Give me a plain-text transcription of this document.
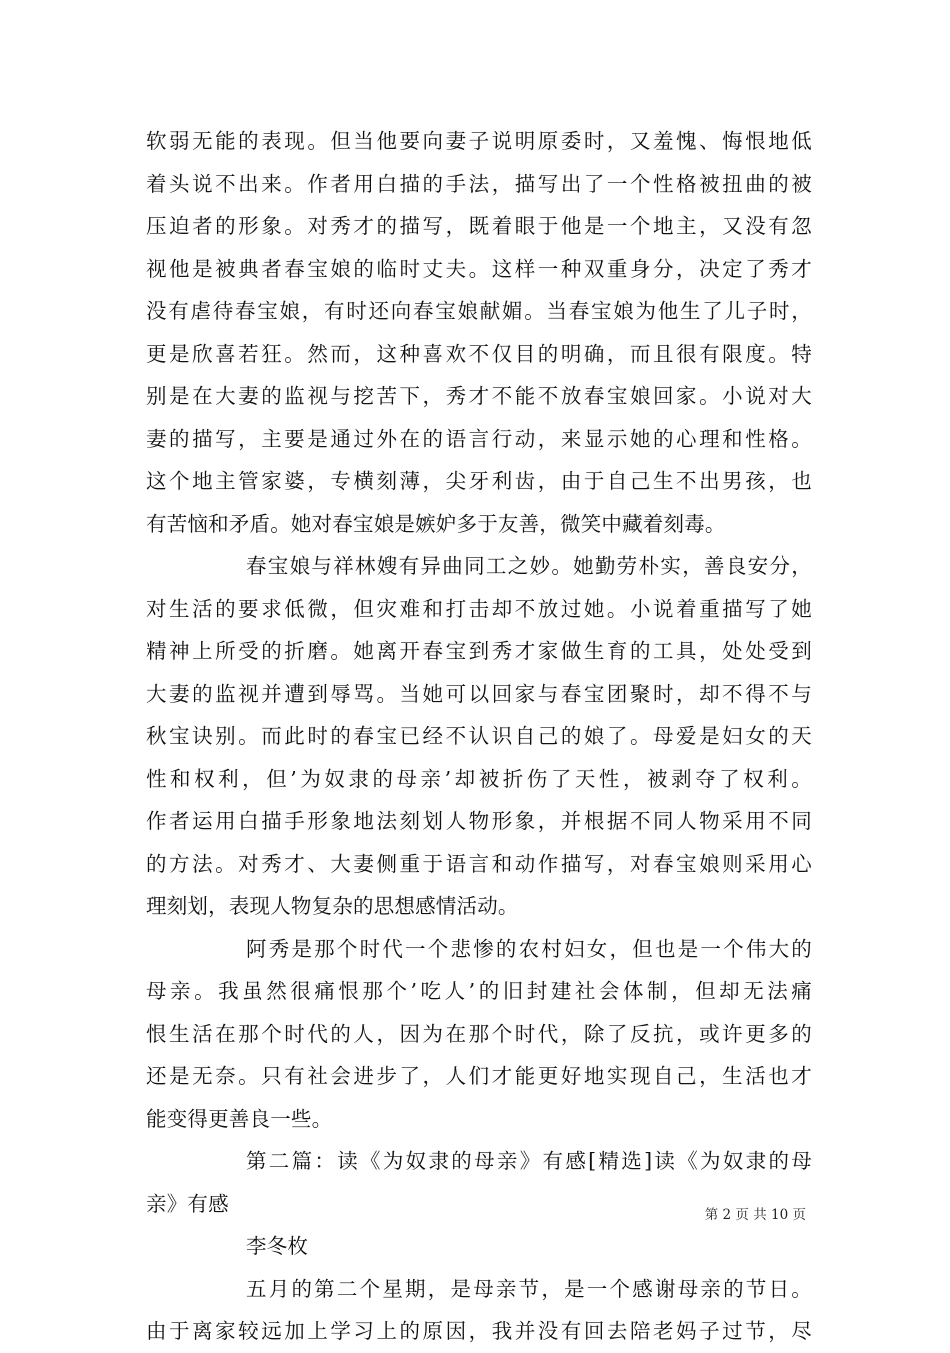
软弱无能的表现。但当他要向妻子说明原委时，又羞愧、悔恨地低
着头说不出来。作者用白描的手法，描写出了一个性格被扭曲的被
压迫者的形象。对秀才的描写，既着眼于他是一个地主，又没有忽
视他是被典者春宝娘的临时丈夫。这样一种双重身分，决定了秀才
没有虐待春宝娘，有时还向春宝娘献媚。当春宝娘为他生了儿子时，
更是欣喜若狂。然而，这种喜欢不仅目的明确，而且很有限度。特
别是在大妻的监视与挖苦下，秀才不能不放春宝娘回家。小说对大
妻的描写，主要是通过外在的语言行动，来显示她的心理和性格。
这个地主管家婆，专横刻薄，尖牙利齿，由于自己生不出男孩，也
有苦恼和矛盾。她对春宝娘是嫉妒多于友善，微笑中藏着刻毒。
春宝娘与祥林嫂有异曲同工之妙。她勤劳朴实，善良安分，
对生活的要求低微，但灾难和打击却不放过她。小说着重描写了她
精神上所受的折磨。她离开春宝到秀才家做生育的工具，处处受到
大妻的监视并遭到辱骂。当她可以回家与春宝团聚时，却不得不与
秋宝诀别。而此时的春宝已经不认识自己的娘了。母爱是妇女的天
性和权利，但’为奴隶的母亲’却被折伤了天性，被剥夺了权利。
作者运用白描手形象地法刻划人物形象，并根据不同人物采用不同
的方法。对秀才、大妻侧重于语言和动作描写，对春宝娘则采用心
理刻划，表现人物复杂的思想感情活动。
阿秀是那个时代一个悲惨的农村妇女，但也是一个伟大的
母亲。我虽然很痛恨那个’吃人’的旧封建社会体制，但却无法痛
恨生活在那个时代的人，因为在那个时代，除了反抗，或许更多的
还是无奈。只有社会进步了，人们才能更好地实现自己，生活也才
能变得更善良一些。
第二篇：读《为奴隶的母亲》有感[精选]读《为奴隶的母
亲》有感
李冬枚
五月的第二个星期，是母亲节，是一个感谢母亲的节日。
由于离家较远加上学习上的原因，我并没有回去陪老妈子过节，尽
第 2 页 共 10 页
